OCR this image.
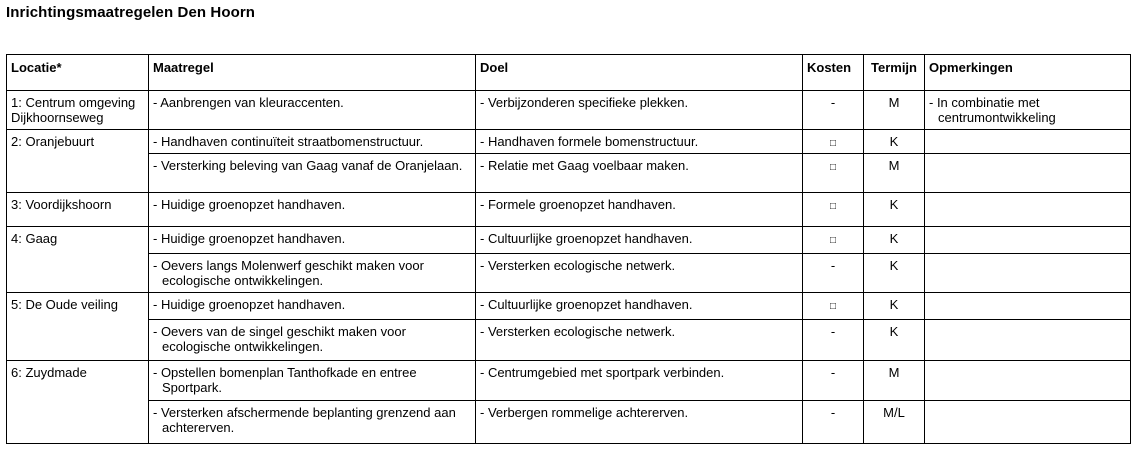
Inrichtingsmaatregelen Den Hoorn
Locatie*	Maatregel	Doel	Kosten	Termijn	Opmerkingen
1: Centrum omgeving Dijkhoornseweg	- Aanbrengen van kleuraccenten.	- Verbijzonderen specifieke plekken.	-	M	- In combinatie met centrumontwikkeling

2: Oranjebuurt	- Handhaven continuïteit straatbomenstructuur.	- Handhaven formele bomenstructuur.	□	K	

	- Versterking beleving van Gaag vanaf de Oranjelaan.	- Relatie met Gaag voelbaar maken.	□	M	
3: Voordijkshoorn	- Huidige groenopzet handhaven.	- Formele groenopzet handhaven.	□	K	
4: Gaag	- Huidige groenopzet handhaven.	- Cultuurlijke groenopzet handhaven.	□	K	

	- Oevers langs Molenwerf geschikt maken voor ecologische ontwikkelingen.	- Versterken ecologische netwerk.	-	K	
5: De Oude veiling	- Huidige groenopzet handhaven.	- Cultuurlijke groenopzet handhaven.	□	K	

	- Oevers van de singel geschikt maken voor ecologische ontwikkelingen.	- Versterken ecologische netwerk.	-	K	
6: Zuydmade	- Opstellen bomenplan Tanthofkade en entree Sportpark.	- Centrumgebied met sportpark verbinden.	-	M	

	- Versterken afschermende beplanting grenzend aan achtererven.	- Verbergen rommelige achtererven.	-	M/L	
